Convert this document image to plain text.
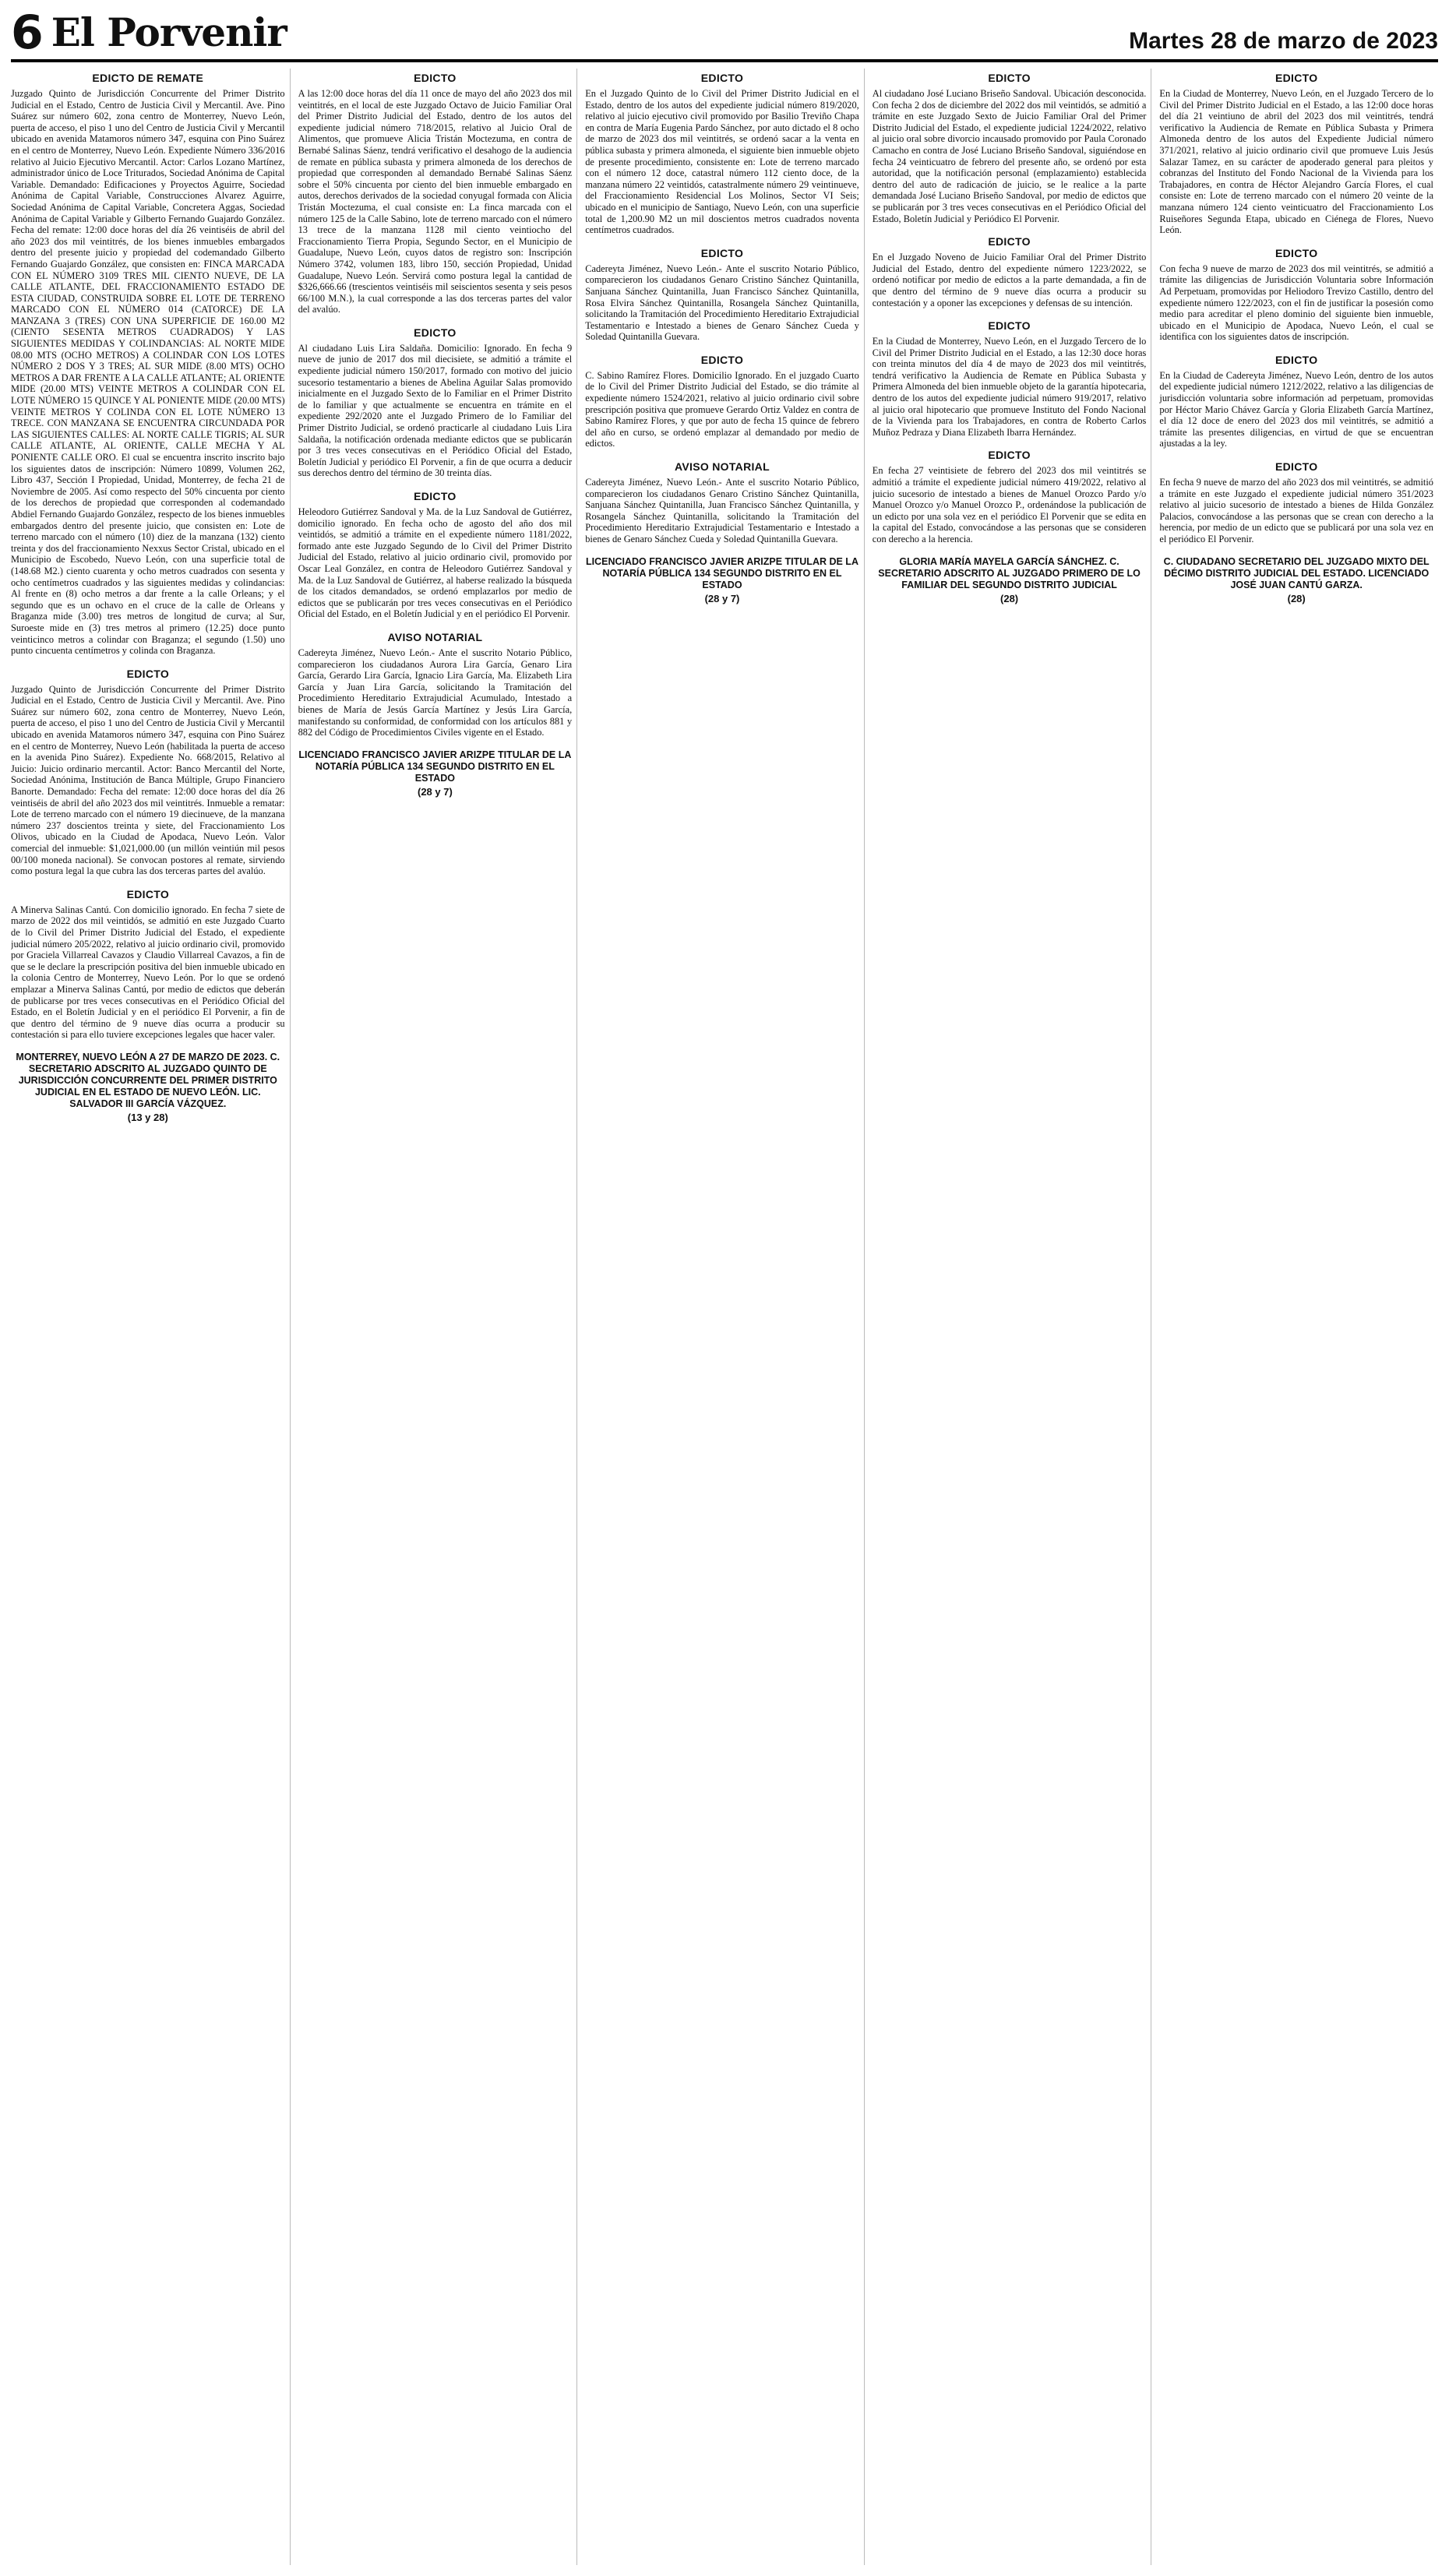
6 El Porvenir	Martes 28 de marzo de 2023
EDICTO DE REMATE

Juzgado Quinto de Jurisdicción Concurrente del Primer Distrito Judicial en el Estado, Centro de Justicia Civil y Mercantil. Ave. Pino Suárez sur número 602, zona centro de Monterrey, Nuevo León, puerta de acceso, el piso 1 uno del Centro de Justicia Civil y Mercantil ubicado en avenida Matamoros número 347, esquina con Pino Suárez en el centro de Monterrey, Nuevo León. Expediente Número 336/2016 relativo al Juicio Ejecutivo Mercantil. Actor: Carlos Lozano Martínez, administrador único de Loce Triturados, Sociedad Anónima de Capital Variable. Demandado: Edificaciones y Proyectos Aguirre, Sociedad Anónima de Capital Variable, Construcciones Alvarez Aguirre, Sociedad Anónima de Capital Variable, Concretera Aggas, Sociedad Anónima de Capital Variable y Gilberto Fernando Guajardo González. Fecha del remate: 12:00 doce horas del día 26 veintiséis de abril del año 2023 dos mil veintitrés, de los bienes inmuebles embargados dentro del presente juicio y propiedad del codemandado Gilberto Fernando Guajardo González, que consisten en: FINCA MARCADA CON EL NÚMERO 3109 TRES MIL CIENTO NUEVE, DE LA CALLE ATLANTE, DEL FRACCIONAMIENTO ESTADO DE ESTA CIUDAD, CONSTRUIDA SOBRE EL LOTE DE TERRENO MARCADO CON EL NÚMERO 014 (CATORCE) DE LA MANZANA 3 (TRES) CON UNA SUPERFICIE DE 160.00 M2 (CIENTO SESENTA METROS CUADRADOS) Y LAS SIGUIENTES MEDIDAS Y COLINDANCIAS: AL NORTE MIDE 08.00 MTS (OCHO METROS) A COLINDAR CON LOS LOTES NÚMERO 2 DOS Y 3 TRES; AL SUR MIDE (8.00 MTS) OCHO METROS A DAR FRENTE A LA CALLE ATLANTE; AL ORIENTE MIDE (20.00 MTS) VEINTE METROS A COLINDAR CON EL LOTE NÚMERO 15 QUINCE Y AL PONIENTE MIDE (20.00 MTS) VEINTE METROS Y COLINDA CON EL LOTE NÚMERO 13 TRECE. CON MANZANA SE ENCUENTRA CIRCUNDADA POR LAS SIGUIENTES CALLES: AL NORTE CALLE TIGRIS; AL SUR CALLE ATLANTE, AL ORIENTE, CALLE MECHA Y AL PONIENTE CALLE ORO. El cual se encuentra inscrito inscrito bajo los siguientes datos de inscripción: Número 10899, Volumen 262, Libro 437, Sección I Propiedad, Unidad, Monterrey, de fecha 21 de Noviembre de 2005. Así como respecto del 50% cincuenta por ciento de los derechos de propiedad que corresponden al codemandado Abdiel Fernando Guajardo González, respecto de los bienes inmuebles embargados dentro del presente juicio, que consisten en: Lote de terreno marcado con el número (10) diez de la manzana (132) ciento treinta y dos del fraccionamiento Nexxus Sector Cristal, ubicado en el Municipio de Escobedo, Nuevo León, con una superficie total de (148.68 M2.) ciento cuarenta y ocho metros cuadrados con sesenta y ocho centímetros cuadrados y las siguientes medidas y colindancias: Al frente en (8) ocho metros a dar frente a la calle Orleans; y el segundo que es un ochavo en el cruce de la calle de Orleans y Braganza mide (3.00) tres metros de longitud de curva; al Sur, Suroeste mide en (3) tres metros al primero (12.25) doce punto veinticinco metros a colindar con Braganza; el segundo (1.50) uno punto cincuenta centímetros y colinda con Braganza.

EDICTO

Juzgado Quinto de Jurisdicción Concurrente del Primer Distrito Judicial en el Estado, Centro de Justicia Civil y Mercantil. Ave. Pino Suárez sur número 602, zona centro de Monterrey, Nuevo León, puerta de acceso, el piso 1 uno del Centro de Justicia Civil y Mercantil ubicado en avenida Matamoros número 347, esquina con Pino Suárez en el centro de Monterrey, Nuevo León (habilitada la puerta de acceso en la avenida Pino Suárez). Expediente No. 668/2015, Relativo al Juicio: Juicio ordinario mercantil. Actor: Banco Mercantil del Norte, Sociedad Anónima, Institución de Banca Múltiple, Grupo Financiero Banorte. Demandado: Fecha del remate: 12:00 doce horas del día 26 veintiséis de abril del año 2023 dos mil veintitrés. Inmueble a rematar: Lote de terreno marcado con el número 19 diecinueve, de la manzana número 237 doscientos treinta y siete, del Fraccionamiento Los Olivos, ubicado en la Ciudad de Apodaca, Nuevo León. Valor comercial del inmueble: $1,021,000.00 (un millón veintiún mil pesos 00/100 moneda nacional). Se convocan postores al remate, sirviendo como postura legal la que cubra las dos terceras partes del avalúo.

EDICTO

A Minerva Salinas Cantú. Con domicilio ignorado. En fecha 7 siete de marzo de 2022 dos mil veintidós, se admitió en este Juzgado Cuarto de lo Civil del Primer Distrito Judicial del Estado, el expediente judicial número 205/2022, relativo al juicio ordinario civil, promovido por Graciela Villarreal Cavazos y Claudio Villarreal Cavazos, a fin de que se le declare la prescripción positiva del bien inmueble ubicado en la colonia Centro de Monterrey, Nuevo León. Por lo que se ordenó emplazar a Minerva Salinas Cantú, por medio de edictos que deberán de publicarse por tres veces consecutivas en el Periódico Oficial del Estado, en el Boletín Judicial y en el periódico El Porvenir, a fin de que dentro del término de 9 nueve días ocurra a producir su contestación si para ello tuviere excepciones legales que hacer valer.

MONTERREY, NUEVO LEÓN A 27 DE MARZO DE 2023. C. SECRETARIO ADSCRITO AL JUZGADO QUINTO DE JURISDICCIÓN CONCURRENTE DEL PRIMER DISTRITO JUDICIAL EN EL ESTADO DE NUEVO LEÓN. LIC. SALVADOR III GARCÍA VÁZQUEZ.
(13 y 28)
EDICTO

A las 12:00 doce horas del día 11 once de mayo del año 2023 dos mil veintitrés, en el local de este Juzgado Octavo de Juicio Familiar Oral del Primer Distrito Judicial del Estado, dentro de los autos del expediente judicial número 718/2015, relativo al Juicio Oral de Alimentos, que promueve Alicia Tristán Moctezuma, en contra de Bernabé Salinas Sáenz, tendrá verificativo el desahogo de la audiencia de remate en pública subasta y primera almoneda de los derechos de propiedad que corresponden al demandado Bernabé Salinas Sáenz sobre el 50% cincuenta por ciento del bien inmueble embargado en autos, derechos derivados de la sociedad conyugal formada con Alicia Tristán Moctezuma, el cual consiste en: La finca marcada con el número 125 de la Calle Sabino, lote de terreno marcado con el número 13 trece de la manzana 1128 mil ciento veintiocho del Fraccionamiento Tierra Propia, Segundo Sector, en el Municipio de Guadalupe, Nuevo León, cuyos datos de registro son: Inscripción Número 3742, volumen 183, libro 150, sección Propiedad, Unidad Guadalupe, Nuevo León. Servirá como postura legal la cantidad de $326,666.66 (trescientos veintiséis mil seiscientos sesenta y seis pesos 66/100 M.N.), la cual corresponde a las dos terceras partes del valor del avalúo.

EDICTO

Al ciudadano Luis Lira Saldaña. Domicilio: Ignorado. En fecha 9 nueve de junio de 2017 dos mil diecisiete, se admitió a trámite el expediente judicial número 150/2017, formado con motivo del juicio sucesorio testamentario a bienes de Abelina Aguilar Salas promovido inicialmente en el Juzgado Sexto de lo Familiar en el Primer Distrito de lo familiar y que actualmente se encuentra en trámite en el expediente 292/2020 ante el Juzgado Primero de lo Familiar del Primer Distrito Judicial, se ordenó practicarle al ciudadano Luis Lira Saldaña, la notificación ordenada mediante edictos que se publicarán por 3 tres veces consecutivas en el Periódico Oficial del Estado, Boletín Judicial y periódico El Porvenir, a fin de que ocurra a deducir sus derechos dentro del término de 30 treinta días.

EDICTO

Heleodoro Gutiérrez Sandoval y Ma. de la Luz Sandoval de Gutiérrez, domicilio ignorado. En fecha ocho de agosto del año dos mil veintidós, se admitió a trámite en el expediente número 1181/2022, formado ante este Juzgado Segundo de lo Civil del Primer Distrito Judicial del Estado, relativo al juicio ordinario civil, promovido por Oscar Leal González, en contra de Heleodoro Gutiérrez Sandoval y Ma. de la Luz Sandoval de Gutiérrez, al haberse realizado la búsqueda de los citados demandados, se ordenó emplazarlos por medio de edictos que se publicarán por tres veces consecutivas en el Periódico Oficial del Estado, en el Boletín Judicial y en el periódico El Porvenir.

AVISO NOTARIAL

Cadereyta Jiménez, Nuevo León.- Ante el suscrito Notario Público, comparecieron los ciudadanos Aurora Lira García, Genaro Lira García, Gerardo Lira García, Ignacio Lira García, Ma. Elizabeth Lira García y Juan Lira García, solicitando la Tramitación del Procedimiento Hereditario Extrajudicial Acumulado, Intestado a bienes de María de Jesús García Martínez y Jesús Lira García, manifestando su conformidad, de conformidad con los artículos 881 y 882 del Código de Procedimientos Civiles vigente en el Estado.

LICENCIADO FRANCISCO JAVIER ARIZPE TITULAR DE LA NOTARÍA PÚBLICA 134 SEGUNDO DISTRITO EN EL ESTADO
(28 y 7)
EDICTO

En el Juzgado Quinto de lo Civil del Primer Distrito Judicial en el Estado, dentro de los autos del expediente judicial número 819/2020, relativo al juicio ejecutivo civil promovido por Basilio Treviño Chapa en contra de María Eugenia Pardo Sánchez, por auto dictado el 8 ocho de marzo de 2023 dos mil veintitrés, se ordenó sacar a la venta en pública subasta y primera almoneda, el siguiente bien inmueble objeto de presente procedimiento, consistente en: Lote de terreno marcado con el número 12 doce, catastral número 112 ciento doce, de la manzana número 22 veintidós, catastralmente número 29 veintinueve, del Fraccionamiento Residencial Los Molinos, Sector VI Seis; ubicado en el municipio de Santiago, Nuevo León, con una superficie total de 1,200.90 M2 un mil doscientos metros cuadrados noventa centímetros cuadrados.

EDICTO

Cadereyta Jiménez, Nuevo León.- Ante el suscrito Notario Público, comparecieron los ciudadanos Genaro Cristino Sánchez Quintanilla, Sanjuana Sánchez Quintanilla, Juan Francisco Sánchez Quintanilla, Rosa Elvira Sánchez Quintanilla, Rosangela Sánchez Quintanilla, solicitando la Tramitación del Procedimiento Hereditario Extrajudicial Testamentario e Intestado a bienes de Genaro Sánchez Cueda y Soledad Quintanilla Guevara.

EDICTO

C. Sabino Ramírez Flores. Domicilio Ignorado. En el juzgado Cuarto de lo Civil del Primer Distrito Judicial del Estado, se dio trámite al expediente número 1524/2021, relativo al juicio ordinario civil sobre prescripción positiva que promueve Gerardo Ortiz Valdez en contra de Sabino Ramírez Flores, y que por auto de fecha 15 quince de febrero del año en curso, se ordenó emplazar al demandado por medio de edictos.

AVISO NOTARIAL

Cadereyta Jiménez, Nuevo León.- Ante el suscrito Notario Público, comparecieron los ciudadanos Genaro Cristino Sánchez Quintanilla, Sanjuana Sánchez Quintanilla, Juan Francisco Sánchez Quintanilla, y Rosangela Sánchez Quintanilla, solicitando la Tramitación del Procedimiento Hereditario Extrajudicial Testamentario e Intestado a bienes de Genaro Sánchez Cueda y Soledad Quintanilla Guevara.

LICENCIADO FRANCISCO JAVIER ARIZPE TITULAR DE LA NOTARÍA PÚBLICA 134 SEGUNDO DISTRITO EN EL ESTADO
(28 y 7)
EDICTO

Al ciudadano José Luciano Briseño Sandoval. Ubicación desconocida. Con fecha 2 dos de diciembre del 2022 dos mil veintidós, se admitió a trámite en este Juzgado Sexto de Juicio Familiar Oral del Primer Distrito Judicial del Estado, el expediente judicial 1224/2022, relativo al juicio oral sobre divorcio incausado promovido por Paula Coronado Camacho en contra de José Luciano Briseño Sandoval, siguiéndose en fecha 24 veinticuatro de febrero del presente año, se ordenó por esta autoridad, que la notificación personal (emplazamiento) establecida dentro del auto de radicación de juicio, se le realice a la parte demandada José Luciano Briseño Sandoval, por medio de edictos que se publicarán por 3 tres veces consecutivas en el Periódico Oficial del Estado, Boletín Judicial y Periódico El Porvenir.

EDICTO

En el Juzgado Noveno de Juicio Familiar Oral del Primer Distrito Judicial del Estado, dentro del expediente número 1223/2022, se ordenó notificar por medio de edictos a la parte demandada, a fin de que dentro del término de 9 nueve días ocurra a producir su contestación y a oponer las excepciones y defensas de su intención.

EDICTO

En la Ciudad de Monterrey, Nuevo León, en el Juzgado Tercero de lo Civil del Primer Distrito Judicial en el Estado, a las 12:30 doce horas con treinta minutos del día 4 de mayo de 2023 dos mil veintitrés, tendrá verificativo la Audiencia de Remate en Pública Subasta y Primera Almoneda del bien inmueble objeto de la garantía hipotecaria, dentro de los autos del expediente judicial número 919/2017, relativo al juicio oral hipotecario que promueve Instituto del Fondo Nacional de la Vivienda para los Trabajadores, en contra de Roberto Carlos Muñoz Pedraza y Diana Elizabeth Ibarra Hernández.

EDICTO

En fecha 27 veintisiete de febrero del 2023 dos mil veintitrés se admitió a trámite el expediente judicial número 419/2022, relativo al juicio sucesorio de intestado a bienes de Manuel Orozco Pardo y/o Manuel Orozco y/o Manuel Orozco P., ordenándose la publicación de un edicto por una sola vez en el periódico El Porvenir que se edita en la capital del Estado, convocándose a las personas que se consideren con derecho a la herencia.

GLORIA MARÍA MAYELA GARCÍA SÁNCHEZ. C. SECRETARIO ADSCRITO AL JUZGADO PRIMERO DE LO FAMILIAR DEL SEGUNDO DISTRITO JUDICIAL
(28)
EDICTO

En la Ciudad de Monterrey, Nuevo León, en el Juzgado Tercero de lo Civil del Primer Distrito Judicial en el Estado, a las 12:00 doce horas del día 21 veintiuno de abril del 2023 dos mil veintitrés, tendrá verificativo la Audiencia de Remate en Pública Subasta y Primera Almoneda dentro de los autos del Expediente Judicial número 371/2021, relativo al juicio ordinario civil que promueve Luis Jesús Salazar Tamez, en su carácter de apoderado general para pleitos y cobranzas del Instituto del Fondo Nacional de la Vivienda para los Trabajadores, en contra de Héctor Alejandro García Flores, el cual consiste en: Lote de terreno marcado con el número 20 veinte de la manzana número 124 ciento veinticuatro del Fraccionamiento Los Ruiseñores Segunda Etapa, ubicado en Ciénega de Flores, Nuevo León.

EDICTO

Con fecha 9 nueve de marzo de 2023 dos mil veintitrés, se admitió a trámite las diligencias de Jurisdicción Voluntaria sobre Información Ad Perpetuam, promovidas por Heliodoro Trevizo Castillo, dentro del expediente número 122/2023, con el fin de justificar la posesión como medio para acreditar el pleno dominio del siguiente bien inmueble, ubicado en el Municipio de Apodaca, Nuevo León, el cual se identifica con los siguientes datos de inscripción.

EDICTO

En la Ciudad de Cadereyta Jiménez, Nuevo León, dentro de los autos del expediente judicial número 1212/2022, relativo a las diligencias de jurisdicción voluntaria sobre información ad perpetuam, promovidas por Héctor Mario Chávez García y Gloria Elizabeth García Martínez, el día 12 doce de enero del 2023 dos mil veintitrés, se admitió a trámite las presentes diligencias, en virtud de que se encuentran ajustadas a la ley.

EDICTO

En fecha 9 nueve de marzo del año 2023 dos mil veintitrés, se admitió a trámite en este Juzgado el expediente judicial número 351/2023 relativo al juicio sucesorio de intestado a bienes de Hilda González Palacios, convocándose a las personas que se crean con derecho a la herencia, por medio de un edicto que se publicará por una sola vez en el periódico El Porvenir.

C. CIUDADANO SECRETARIO DEL JUZGADO MIXTO DEL DÉCIMO DISTRITO JUDICIAL DEL ESTADO. LICENCIADO JOSÉ JUAN CANTÚ GARZA.
(28)
